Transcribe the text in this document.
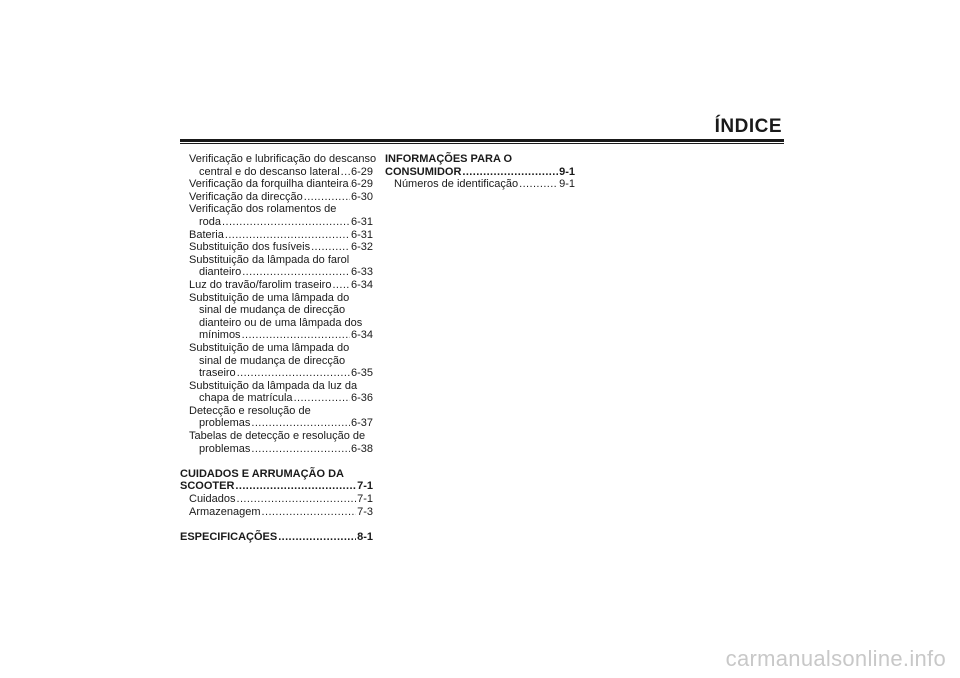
ÍNDICE
Verificação e lubrificação do descanso
central e do descanso lateral ..... 6-29
Verificação da forquilha dianteira ..... 6-29
Verificação da direcção .....	6-30
Verificação dos rolamentos de
roda .....	6-31
Bateria .....	6-31
Substituição dos fusíveis .....	6-32
Substituição da lâmpada do farol
dianteiro .....	6-33
Luz do travão/farolim traseiro ..... 6-34
Substituição de uma lâmpada do
sinal de mudança de direcção
dianteiro ou de uma lâmpada dos
mínimos .....	6-34
Substituição de uma lâmpada do
sinal de mudança de direcção
traseiro .....	6-35
Substituição da lâmpada da luz da
chapa de matrícula .....	6-36
Detecção e resolução de
problemas .....	6-37
Tabelas de detecção e resolução de
problemas .....	6-38
CUIDADOS E ARRUMAÇÃO DA
SCOOTER .....	7-1
Cuidados .....	7-1
Armazenagem .....	7-3
ESPECIFICAÇÕES .....	8-1
INFORMAÇÕES PARA O
CONSUMIDOR .....	9-1
Números de identificação .....	9-1
carmanualsonline.info
